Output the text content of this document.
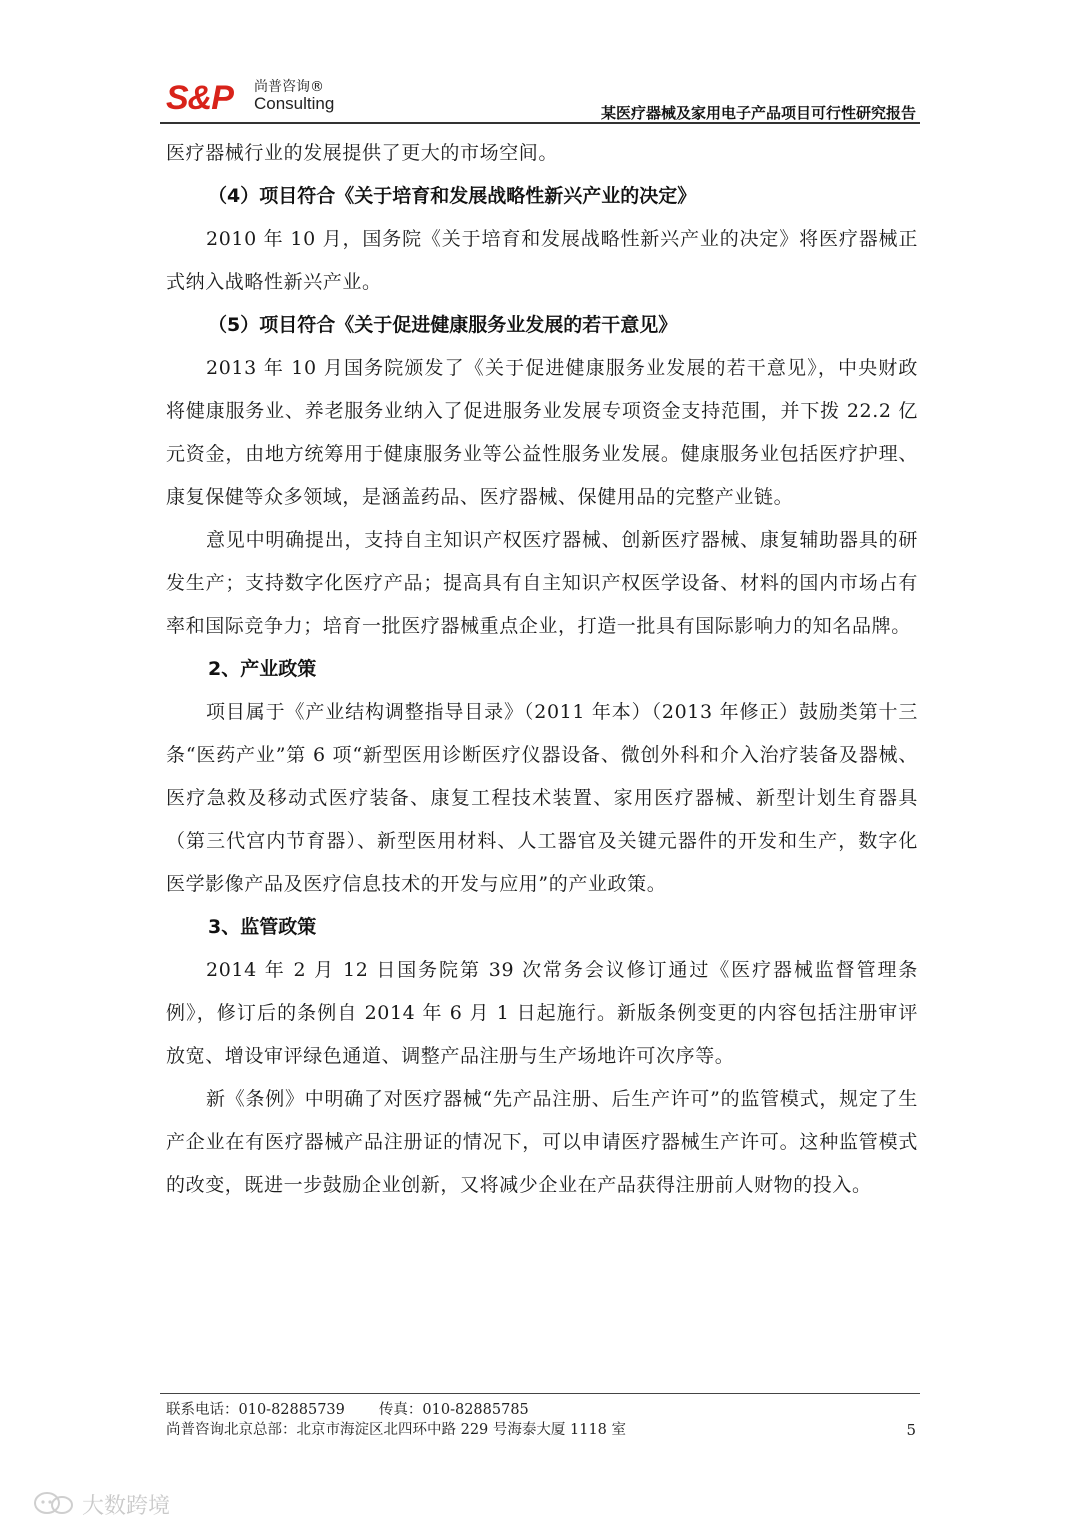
S&P 尚普咨询®
Consulting	某医疗器械及家用电子产品项目可行性研究报告

医疗器械行业的发展提供了更大的市场空间。

（4）项目符合《关于培育和发展战略性新兴产业的决定》

2010 年 10 月，国务院《关于培育和发展战略性新兴产业的决定》将医疗器械正式纳入战略性新兴产业。

（5）项目符合《关于促进健康服务业发展的若干意见》

2013 年 10 月国务院颁发了《关于促进健康服务业发展的若干意见》，中央财政将健康服务业、养老服务业纳入了促进服务业发展专项资金支持范围，并下拨 22.2 亿元资金，由地方统筹用于健康服务业等公益性服务业发展。健康服务业包括医疗护理、康复保健等众多领域，是涵盖药品、医疗器械、保健用品的完整产业链。

意见中明确提出，支持自主知识产权医疗器械、创新医疗器械、康复辅助器具的研发生产；支持数字化医疗产品；提高具有自主知识产权医学设备、材料的国内市场占有率和国际竞争力；培育一批医疗器械重点企业，打造一批具有国际影响力的知名品牌。

2、产业政策

项目属于《产业结构调整指导目录》（2011 年本）（2013 年修正）鼓励类第十三条“医药产业”第 6 项“新型医用诊断医疗仪器设备、微创外科和介入治疗装备及器械、医疗急救及移动式医疗装备、康复工程技术装置、家用医疗器械、新型计划生育器具（第三代宫内节育器）、新型医用材料、人工器官及关键元器件的开发和生产，数字化医学影像产品及医疗信息技术的开发与应用”的产业政策。

3、监管政策

2014 年 2 月 12 日国务院第 39 次常务会议修订通过《医疗器械监督管理条例》，修订后的条例自 2014 年 6 月 1 日起施行。新版条例变更的内容包括注册审评放宽、增设审评绿色通道、调整产品注册与生产场地许可次序等。

新《条例》中明确了对医疗器械“先产品注册、后生产许可”的监管模式，规定了生产企业在有医疗器械产品注册证的情况下，可以申请医疗器械生产许可。这种监管模式的改变，既进一步鼓励企业创新，又将减少企业在产品获得注册前人财物的投入。

联系电话：010-82885739 传真：010-82885785
尚普咨询北京总部：北京市海淀区北四环中路 229 号海泰大厦 1118 室	5
大数跨境
